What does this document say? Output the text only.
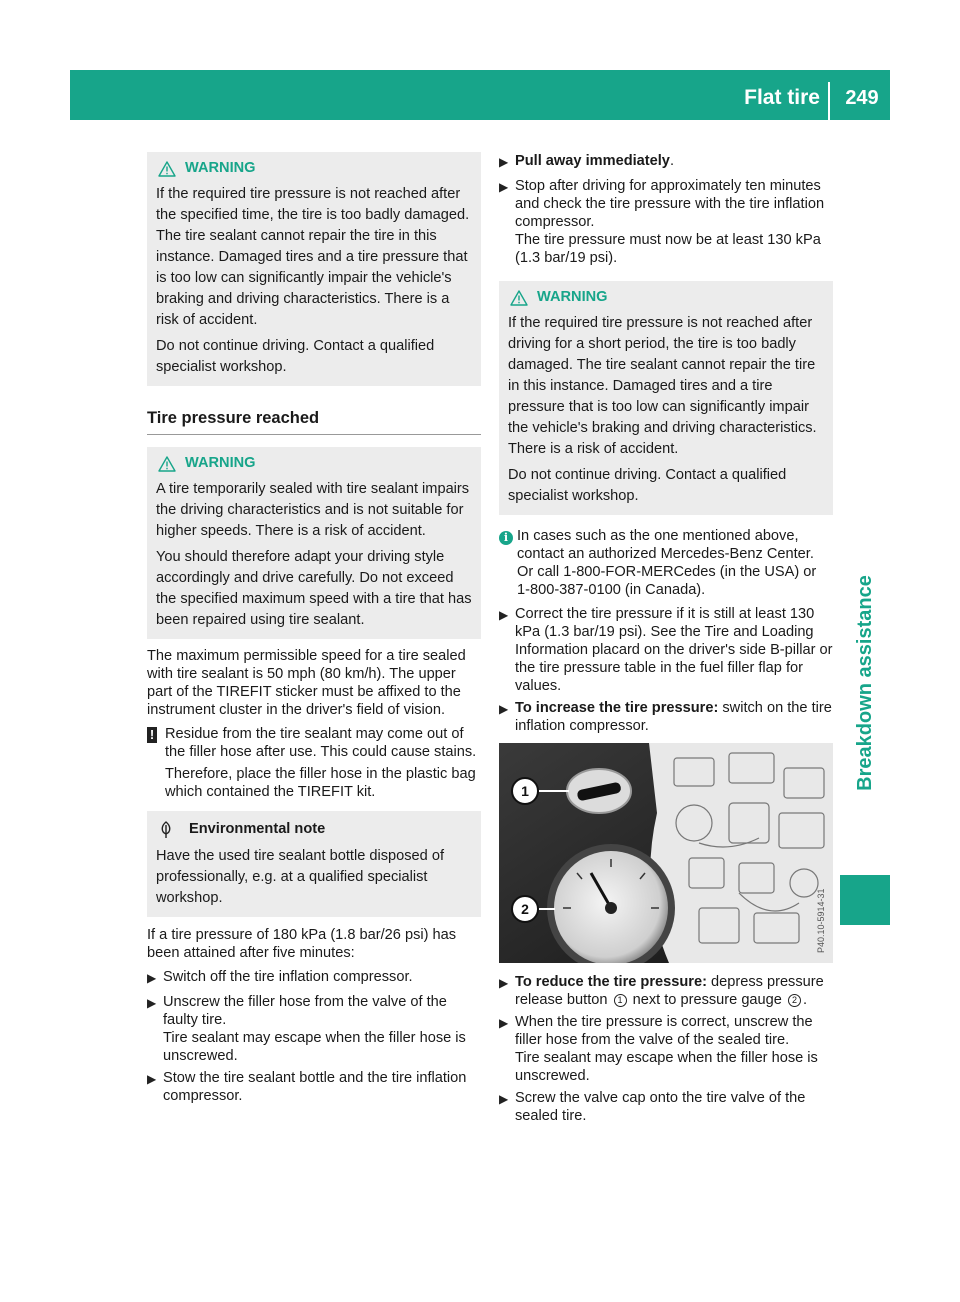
Flat tire	249
Breakdown assistance
WARNING

If the required tire pressure is not reached after the specified time, the tire is too badly damaged. The tire sealant cannot repair the tire in this instance. Damaged tires and a tire pressure that is too low can significantly impair the vehicle's braking and driving characteristics. There is a risk of accident.

Do not continue driving. Contact a qualified specialist workshop.

Tire pressure reached
WARNING

A tire temporarily sealed with tire sealant impairs the driving characteristics and is not suitable for higher speeds. There is a risk of accident.

You should therefore adapt your driving style accordingly and drive carefully. Do not exceed the specified maximum speed with a tire that has been repaired using tire sealant.

The maximum permissible speed for a tire sealed with tire sealant is 50 mph (80 km/h). The upper part of the TIREFIT sticker must be affixed to the instrument cluster in the driver's field of vision.

! Residue from the tire sealant may come out of the filler hose after use. This could cause stains.

Therefore, place the filler hose in the plastic bag which contained the TIREFIT kit.

Environmental note

Have the used tire sealant bottle disposed of professionally, e.g. at a qualified specialist workshop.

If a tire pressure of 180 kPa (1.8 bar/26 psi) has been attained after five minutes:

▶ Switch off the tire inflation compressor.
▶ Unscrew the filler hose from the valve of the faulty tire.
Tire sealant may escape when the filler hose is unscrewed.
▶ Stow the tire sealant bottle and the tire inflation compressor.
▶ Pull away immediately.
▶ Stop after driving for approximately ten minutes and check the tire pressure with the tire inflation compressor.
The tire pressure must now be at least 130 kPa (1.3 bar/19 psi).
WARNING

If the required tire pressure is not reached after driving for a short period, the tire is too badly damaged. The tire sealant cannot repair the tire in this instance. Damaged tires and a tire pressure that is too low can significantly impair the vehicle's braking and driving characteristics. There is a risk of accident.

Do not continue driving. Contact a qualified specialist workshop.

i In cases such as the one mentioned above, contact an authorized Mercedes-Benz Center. Or call 1-800-FOR-MERCedes (in the USA) or 1-800-387-0100 (in Canada).
▶ Correct the tire pressure if it is still at least 130 kPa (1.3 bar/19 psi). See the Tire and Loading Information placard on the driver's side B-pillar or the tire pressure table in the fuel filler flap for values.
▶ To increase the tire pressure: switch on the tire inflation compressor.
1
2	P40.10-5914-31
▶ To reduce the tire pressure: depress pressure release button 1 next to pressure gauge 2 .
▶ When the tire pressure is correct, unscrew the filler hose from the valve of the sealed tire.
Tire sealant may escape when the filler hose is unscrewed.
▶ Screw the valve cap onto the tire valve of the sealed tire.
